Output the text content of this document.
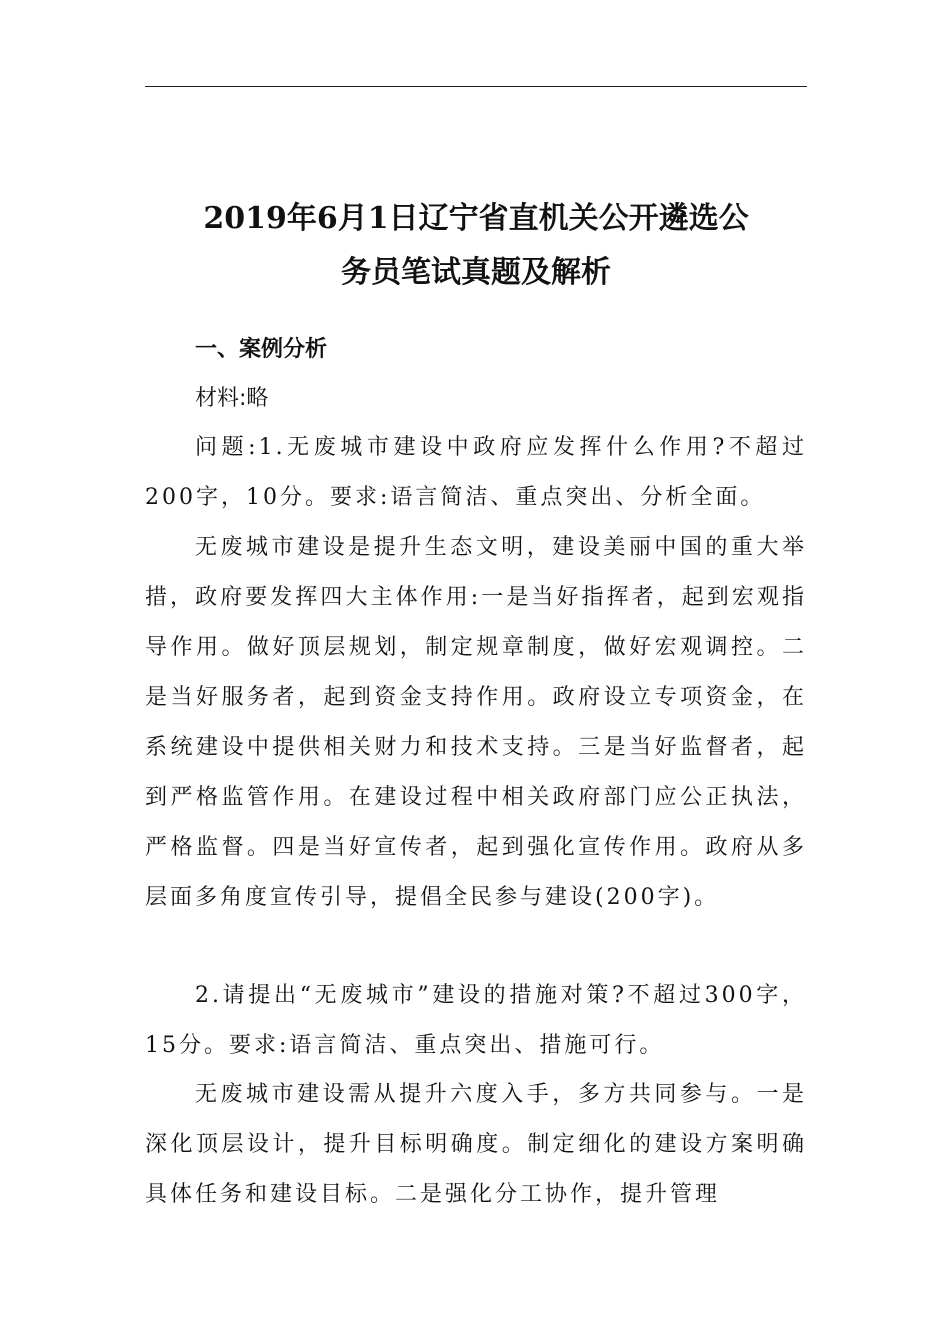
2019年6月1日辽宁省直机关公开遴选公
务员笔试真题及解析

一、案例分析

材料:略

问题:1.无废城市建设中政府应发挥什么作用?不超过200字，10分。要求:语言简洁、重点突出、分析全面。

无废城市建设是提升生态文明，建设美丽中国的重大举措，政府要发挥四大主体作用:一是当好指挥者，起到宏观指导作用。做好顶层规划，制定规章制度，做好宏观调控。二是当好服务者，起到资金支持作用。政府设立专项资金，在系统建设中提供相关财力和技术支持。三是当好监督者，起到严格监管作用。在建设过程中相关政府部门应公正执法，严格监督。四是当好宣传者，起到强化宣传作用。政府从多层面多角度宣传引导，提倡全民参与建设(200字)。

2.请提出“无废城市”建设的措施对策?不超过300字，15分。要求:语言简洁、重点突出、措施可行。

无废城市建设需从提升六度入手，多方共同参与。一是深化顶层设计，提升目标明确度。制定细化的建设方案明确具体任务和建设目标。二是强化分工协作，提升管理
